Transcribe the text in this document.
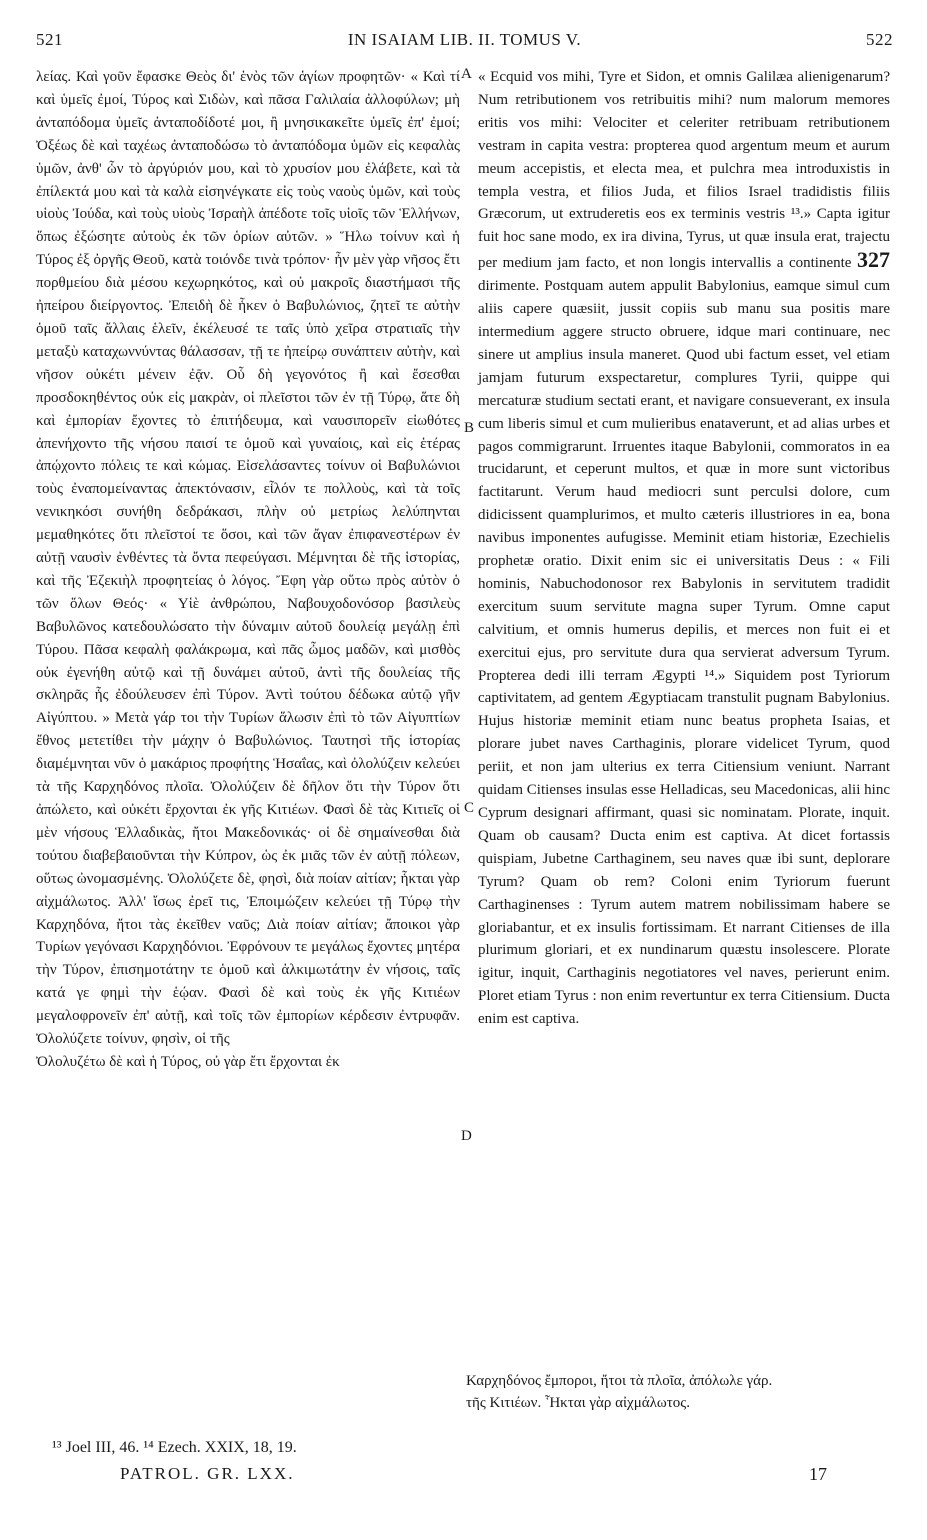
521	IN ISAIAM LIB. II. TOMUS V.	522

λείας. Καὶ γοῦν ἔφασκε Θεὸς δι' ἑνὸς τῶν ἁγίων προφητῶν· « Καὶ τί καὶ ὑμεῖς ἐμοί, Τύρος καὶ Σιδὼν, καὶ πᾶσα Γαλιλαία ἀλλοφύλων; μὴ ἀνταπόδομα ὑμεῖς ἀνταποδίδοτέ μοι, ἢ μνησικακεῖτε ὑμεῖς ἐπ' ἐμοί; Ὀξέως δὲ καὶ ταχέως ἀνταποδώσω τὸ ἀνταπόδομα ὑμῶν εἰς κεφαλὰς ὑμῶν, ἀνθ' ὧν τὸ ἀργύριόν μου, καὶ τὸ χρυσίον μου ἐλάβετε, καὶ τὰ ἐπίλεκτά μου καὶ τὰ καλὰ εἰσηνέγκατε εἰς τοὺς ναοὺς ὑμῶν, καὶ τοὺς υἱοὺς Ἰούδα, καὶ τοὺς υἱοὺς Ἰσραὴλ ἀπέδοτε τοῖς υἱοῖς τῶν Ἑλλήνων, ὅπως ἐξώσητε αὐτοὺς ἐκ τῶν ὁρίων αὐτῶν. » Ἥλω τοίνυν καὶ ἡ Τύρος ἐξ ὀργῆς Θεοῦ, κατὰ τοιόνδε τινὰ τρόπον· ἦν μὲν γὰρ νῆσος ἔτι πορθμείου διὰ μέσου κεχωρηκότος, καὶ οὐ μακροῖς διαστήμασι τῆς ἠπείρου διείργοντος. Ἐπειδὴ δὲ ἧκεν ὁ Βαβυλώνιος, ζητεῖ τε αὐτὴν ὁμοῦ ταῖς ἄλλαις ἑλεῖν, ἐκέλευσέ τε ταῖς ὑπὸ χεῖρα στρατιαῖς τὴν μεταξὺ καταχωννύντας θάλασσαν, τῇ τε ἠπείρῳ συνάπτειν αὐτὴν, καὶ νῆσον οὐκέτι μένειν ἐᾷν. Οὗ δὴ γεγονότος ἢ καὶ ἔσεσθαι προσδοκηθέντος οὐκ εἰς μακρὰν, οἱ πλεῖστοι τῶν ἐν τῇ Τύρῳ, ἅτε δὴ καὶ ἐμπορίαν ἔχοντες τὸ ἐπιτήδευμα, καὶ ναυσιπορεῖν εἰωθότες ἀπενήχοντο τῆς νήσου παισί τε ὁμοῦ καὶ γυναίοις, καὶ εἰς ἑτέρας ἀπῴχοντο πόλεις τε καὶ κώμας. Εἰσελάσαντες τοίνυν οἱ Βαβυλώνιοι τοὺς ἐναπομείναντας ἀπεκτόνασιν, εἷλόν τε πολλοὺς, καὶ τὰ τοῖς νενικηκόσι συνήθη δεδράκασι, πλὴν οὐ μετρίως λελύπηνται μεμαθηκότες ὅτι πλεῖστοί τε ὅσοι, καὶ τῶν ἄγαν ἐπιφανεστέρων ἐν αὐτῇ ναυσὶν ἐνθέντες τὰ ὄντα πεφεύγασι. Μέμνηται δὲ τῆς ἱστορίας, καὶ τῆς Ἐζεκιὴλ προφητείας ὁ λόγος. Ἔφη γὰρ οὕτω πρὸς αὐτὸν ὁ τῶν ὅλων Θεός· « Υἱὲ ἀνθρώπου, Ναβουχοδονόσορ βασιλεὺς Βαβυλῶνος κατεδουλώσατο τὴν δύναμιν αὐτοῦ δουλείᾳ μεγάλῃ ἐπὶ Τύρου. Πᾶσα κεφαλὴ φαλάκρωμα, καὶ πᾶς ὦμος μαδῶν, καὶ μισθὸς οὐκ ἐγενήθη αὐτῷ καὶ τῇ δυνάμει αὐτοῦ, ἀντὶ τῆς δουλείας τῆς σκληρᾶς ἧς ἐδούλευσεν ἐπὶ Τύρον. Ἀντὶ τούτου δέδωκα αὐτῷ γῆν Αἰγύπτου. » Μετὰ γάρ τοι τὴν Τυρίων ἅλωσιν ἐπὶ τὸ τῶν Αἰγυπτίων ἔθνος μετετίθει τὴν μάχην ὁ Βαβυλώνιος. Ταυτησὶ τῆς ἱστορίας διαμέμνηται νῦν ὁ μακάριος προφήτης Ἡσαΐας, καὶ ὀλολύζειν κελεύει τὰ τῆς Καρχηδόνος πλοῖα. Ὀλολύζειν δὲ δῆλον ὅτι τὴν Τύρον ὅτι ἀπώλετο, καὶ οὐκέτι ἔρχονται ἐκ γῆς Κιτιέων. Φασὶ δὲ τὰς Κιτιεῖς οἱ μὲν νήσους Ἑλλαδικὰς, ἤτοι Μακεδονικάς· οἱ δὲ σημαίνεσθαι διὰ τούτου διαβεβαιοῦνται τὴν Κύπρον, ὡς ἐκ μιᾶς τῶν ἐν αὐτῇ πόλεων, οὕτως ὠνομασμένης. Ὀλολύζετε δὲ, φησὶ, διὰ ποίαν αἰτίαν; ἧκται γὰρ αἰχμάλωτος. Ἀλλ' ἴσως ἐρεῖ τις, Ἐποιμώζειν κελεύει τῇ Τύρῳ τὴν Καρχηδόνα, ἤτοι τὰς ἐκεῖθεν ναῦς; Διὰ ποίαν αἰτίαν; ἄποικοι γὰρ Τυρίων γεγόνασι Καρχηδόνιοι. Ἐφρόνουν τε μεγάλως ἔχοντες μητέρα τὴν Τύρον, ἐπισημοτάτην τε ὁμοῦ καὶ ἀλκιμωτάτην ἐν νήσοις, ταῖς κατά γε φημὶ τὴν ἑῴαν. Φασὶ δὲ καὶ τοὺς ἐκ γῆς Κιτιέων μεγαλοφρονεῖν ἐπ' αὐτῇ, καὶ τοῖς τῶν ἐμπορίων κέρδεσιν ἐντρυφᾶν. Ὀλολύζετε τοίνυν, φησὶν, οἱ τῆς

Ὀλολυζέτω δὲ καὶ ἡ Τύρος, οὐ γὰρ ἔτι ἔρχονται ἐκ

A
B
C
D

« Ecquid vos mihi, Tyre et Sidon, et omnis Galilæa alienigenarum? Num retributionem vos retribuitis mihi? num malorum memores eritis vos mihi: Velociter et celeriter retribuam retributionem vestram in capita vestra: propterea quod argentum meum et aurum meum accepistis, et electa mea, et pulchra mea introduxistis in templa vestra, et filios Juda, et filios Israel tradidistis filiis Græcorum, ut extruderetis eos ex terminis vestris ¹³.» Capta igitur fuit hoc sane modo, ex ira divina, Tyrus, ut quæ insula erat, trajectu per medium jam facto, et non longis intervallis a continente 327 dirimente. Postquam autem appulit Babylonius, eamque simul cum aliis capere quæsiit, jussit copiis sub manu sua positis mare intermedium aggere structo obruere, idque mari continuare, nec sinere ut amplius insula maneret. Quod ubi factum esset, vel etiam jamjam futurum exspectaretur, complures Tyrii, quippe qui mercaturæ studium sectati erant, et navigare consueverant, ex insula cum liberis simul et cum mulieribus enataverunt, et ad alias urbes et pagos commigrarunt. Irruentes itaque Babylonii, commoratos in ea trucidarunt, et ceperunt multos, et quæ in more sunt victoribus factitarunt. Verum haud mediocri sunt perculsi dolore, cum didicissent quamplurimos, et multo cæteris illustriores in ea, bona navibus imponentes aufugisse. Meminit etiam historiæ, Ezechielis prophetæ oratio. Dixit enim sic ei universitatis Deus : « Fili hominis, Nabuchodonosor rex Babylonis in servitutem tradidit exercitum suum servitute magna super Tyrum. Omne caput calvitium, et omnis humerus depilis, et merces non fuit ei et exercitui ejus, pro servitute dura qua servierat adversum Tyrum. Propterea dedi illi terram Ægypti ¹⁴.» Siquidem post Tyriorum captivitatem, ad gentem Ægyptiacam transtulit pugnam Babylonius. Hujus historiæ meminit etiam nunc beatus propheta Isaias, et plorare jubet naves Carthaginis, plorare videlicet Tyrum, quod periit, et non jam ulterius ex terra Citiensium veniunt. Narrant quidam Citienses insulas esse Helladicas, seu Macedonicas, alii hinc Cyprum designari affirmant, quasi sic nominatam. Plorate, inquit. Quam ob causam? Ducta enim est captiva. At dicet fortassis quispiam, Jubetne Carthaginem, seu naves quæ ibi sunt, deplorare Tyrum? Quam ob rem? Coloni enim Tyriorum fuerunt Carthaginenses : Tyrum autem matrem nobilissimam habere se gloriabantur, et ex insulis fortissimam. Et narrant Citienses de illa plurimum gloriari, et ex nundinarum quæstu insolescere. Plorate igitur, inquit, Carthaginis negotiatores vel naves, perierunt enim. Ploret etiam Tyrus : non enim revertuntur ex terra Citiensium. Ducta enim est captiva.

Καρχηδόνος ἔμποροι, ἤτοι τὰ πλοῖα, ἀπόλωλε γάρ.

τῆς Κιτιέων. Ἧκται γὰρ αἰχμάλωτος.

¹³ Joel III, 46. ¹⁴ Ezech. XXIX, 18, 19.

PATROL. GR. LXX.	17
